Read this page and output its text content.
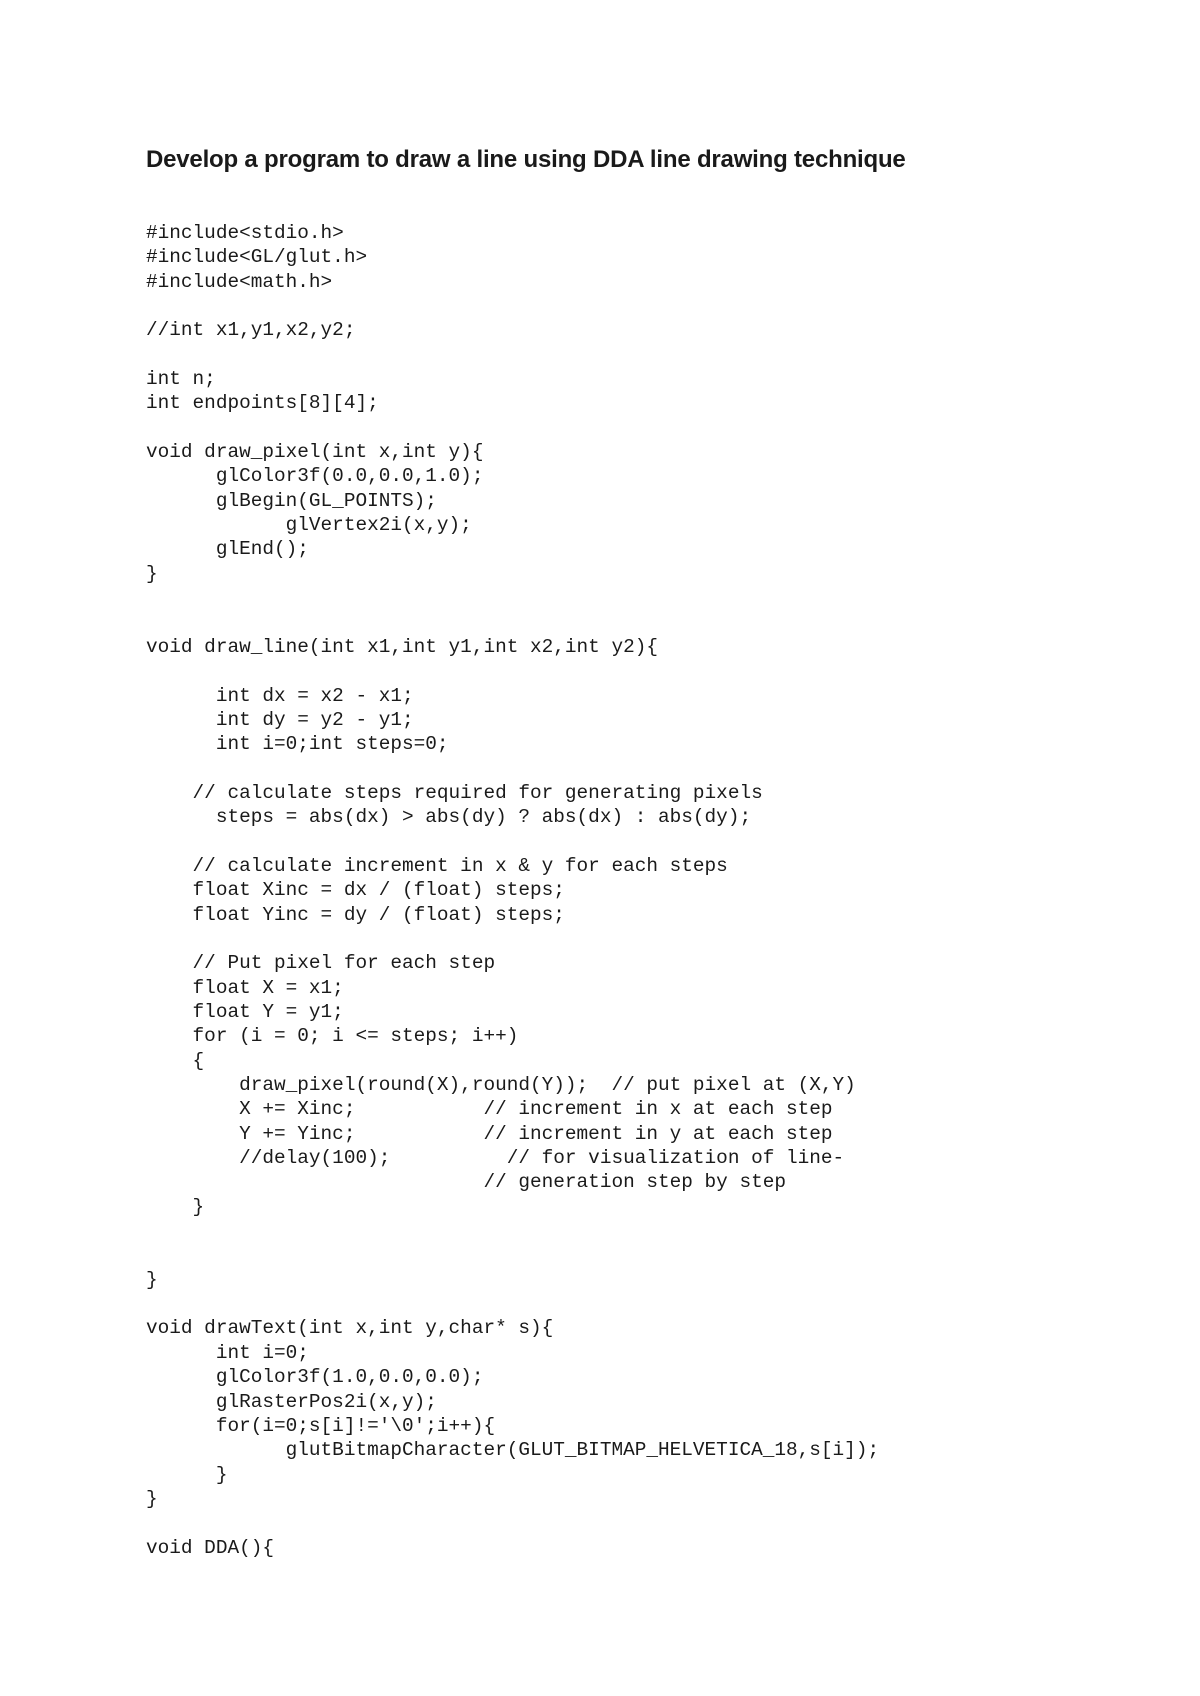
Develop a program to draw a line using DDA line drawing technique
#include<stdio.h>
#include<GL/glut.h>
#include<math.h>
//int x1,y1,x2,y2;
int n;
int endpoints[8][4];
void draw_pixel(int x,int y){
glColor3f(0.0,0.0,1.0);
glBegin(GL_POINTS);
glVertex2i(x,y);
glEnd();
}
void draw_line(int x1,int y1,int x2,int y2){
int dx = x2 - x1;
int dy = y2 - y1;
int i=0;int steps=0;
// calculate steps required for generating pixels
steps = abs(dx) > abs(dy) ? abs(dx) : abs(dy);
// calculate increment in x & y for each steps
float Xinc = dx / (float) steps;
float Yinc = dy / (float) steps;
// Put pixel for each step
float X = x1;
float Y = y1;
for (i = 0; i <= steps; i++)
{
draw_pixel(round(X),round(Y));  // put pixel at (X,Y)
X += Xinc;           // increment in x at each step
Y += Yinc;           // increment in y at each step
//delay(100);          // for visualization of line-
// generation step by step
}
}
void drawText(int x,int y,char* s){
int i=0;
glColor3f(1.0,0.0,0.0);
glRasterPos2i(x,y);
for(i=0;s[i]!='\0';i++){
glutBitmapCharacter(GLUT_BITMAP_HELVETICA_18,s[i]);
}
}
void DDA(){
